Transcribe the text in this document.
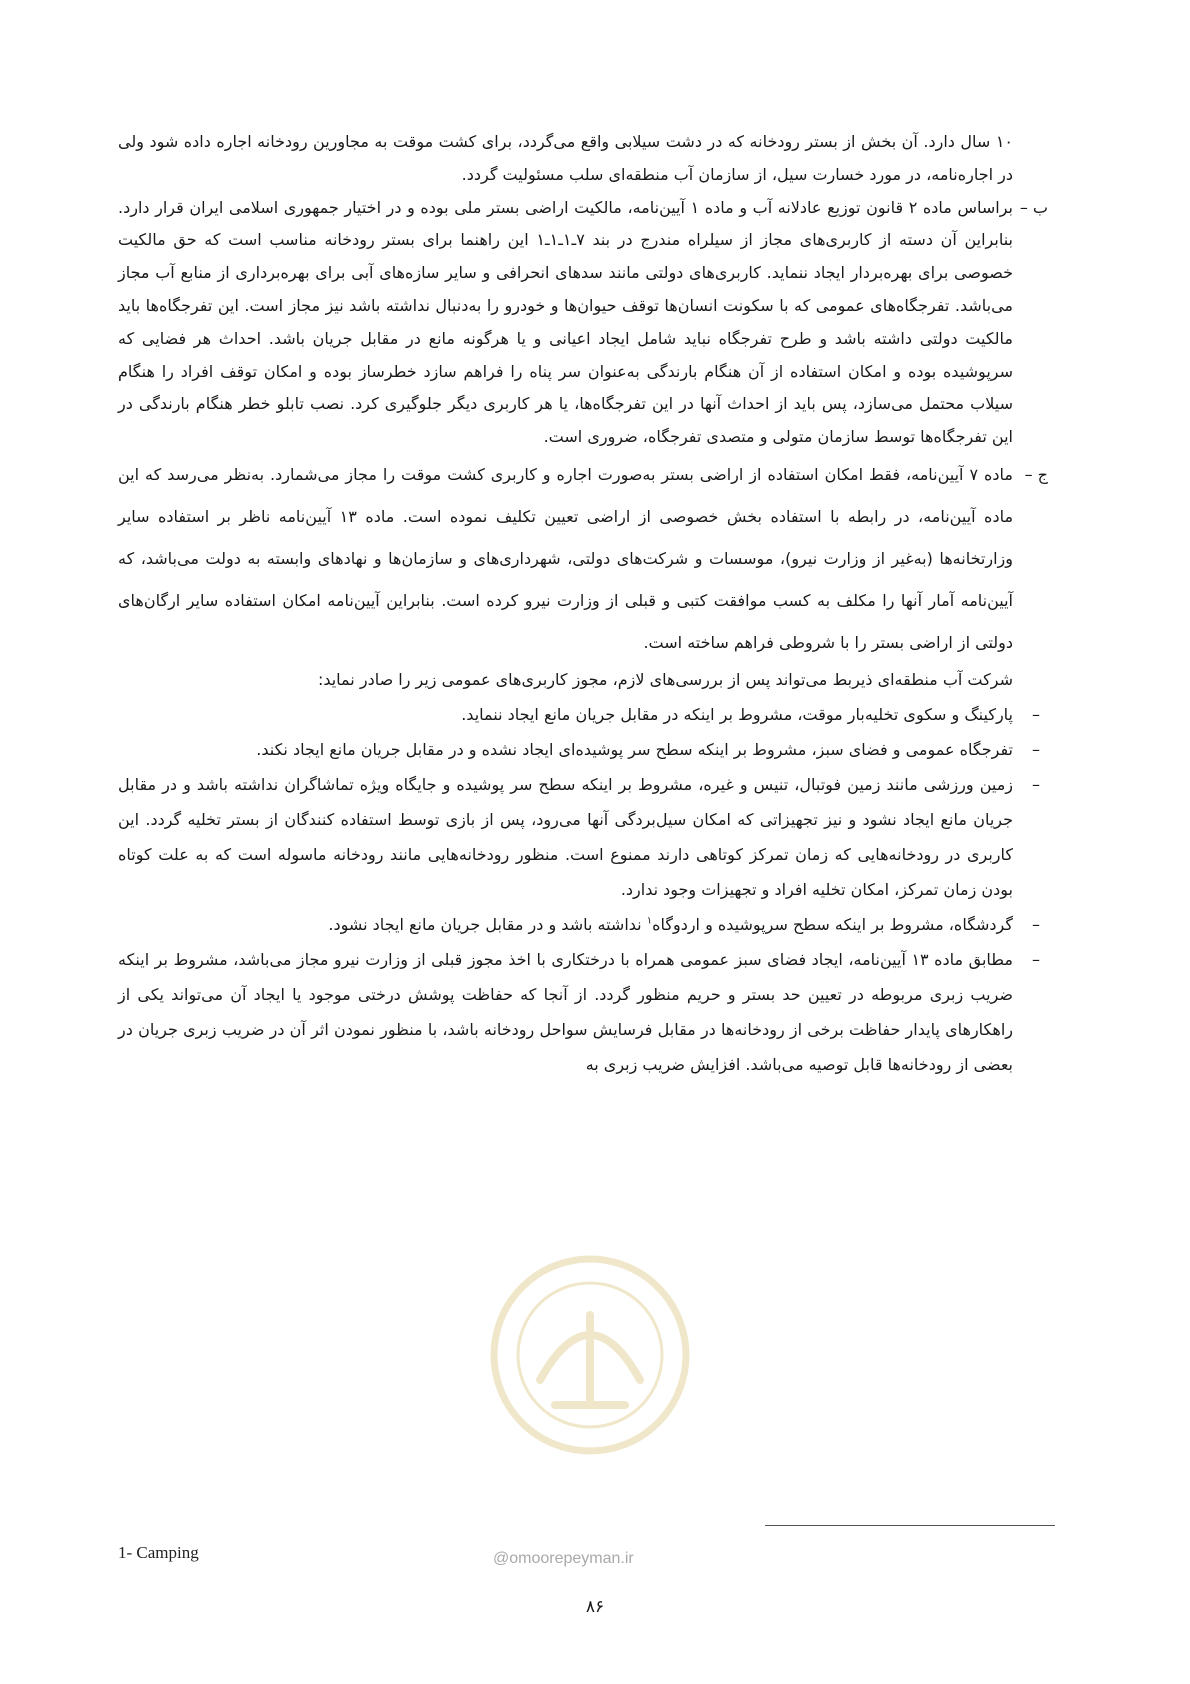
۱۰ سال دارد. آن بخش از بستر رودخانه که در دشت سیلابی واقع می‌گردد، برای کشت موقت به مجاورین رودخانه اجاره داده شود ولی در اجاره‌نامه، در مورد خسارت سیل، از سازمان آب منطقه‌ای سلب مسئولیت گردد.

ب –

براساس ماده ۲ قانون توزیع عادلانه آب و ماده ۱ آیین‌نامه، مالکیت اراضی بستر ملی بوده و در اختیار جمهوری اسلامی ایران قرار دارد. بنابراین آن دسته از کاربری‌های مجاز از سیلراه مندرج در بند ۷ـ۱ـ۱ـ۱ این راهنما برای بستر رودخانه مناسب است که حق مالکیت خصوصی برای بهره‌بردار ایجاد ننماید. کاربری‌های دولتی مانند سدهای انحرافی و سایر سازه‌های آبی برای بهره‌برداری از منابع آب مجاز می‌باشد. تفرجگاه‌های عمومی که با سکونت انسان‌ها توقف حیوان‌ها و خودرو را به‌دنبال نداشته باشد نیز مجاز است. این تفرجگاه‌ها باید مالکیت دولتی داشته باشد و طرح تفرجگاه نباید شامل ایجاد اعیانی و یا هرگونه مانع در مقابل جریان باشد. احداث هر فضایی که سرپوشیده بوده و امکان استفاده از آن هنگام بارندگی به‌عنوان سر پناه را فراهم سازد خطرساز بوده و امکان توقف افراد را هنگام سیلاب محتمل می‌سازد، پس باید از احداث آنها در این تفرجگاه‌ها، یا هر کاربری دیگر جلوگیری کرد. نصب تابلو خطر هنگام بارندگی در این تفرجگاه‌ها توسط سازمان متولی و متصدی تفرجگاه، ضروری است.

ج –

ماده ۷ آیین‌نامه، فقط امکان استفاده از اراضی بستر به‌صورت اجاره و کاربری کشت موقت را مجاز می‌شمارد. به‌نظر می‌رسد که این ماده آیین‌نامه، در رابطه با استفاده بخش خصوصی از اراضی تعیین تکلیف نموده است. ماده ۱۳ آیین‌نامه ناظر بر استفاده سایر وزارتخانه‌ها (به‌غیر از وزارت نیرو)، موسسات و شرکت‌های دولتی، شهرداری‌های و سازمان‌ها و نهادهای وابسته به دولت می‌باشد، که آیین‌نامه آمار آنها را مکلف به کسب موافقت کتبی و قبلی از وزارت نیرو کرده است. بنابراین آیین‌نامه امکان استفاده سایر ارگان‌های دولتی از اراضی بستر را با شروطی فراهم ساخته است.

شرکت آب منطقه‌ای ذیربط می‌تواند پس از بررسی‌های لازم، مجوز کاربری‌های عمومی زیر را صادر نماید:

–

پارکینگ و سکوی تخلیه‌بار موقت، مشروط بر اینکه در مقابل جریان مانع ایجاد ننماید.

–

تفرجگاه عمومی و فضای سبز، مشروط بر اینکه سطح سر پوشیده‌ای ایجاد نشده و در مقابل جریان مانع ایجاد نکند.

–

زمین ورزشی مانند زمین فوتبال، تنیس و غیره، مشروط بر اینکه سطح سر پوشیده و جایگاه ویژه تماشاگران نداشته باشد و در مقابل جریان مانع ایجاد نشود و نیز تجهیزاتی که امکان سیل‌بردگی آنها می‌رود، پس از بازی توسط استفاده کنندگان از بستر تخلیه گردد. این کاربری در رودخانه‌هایی که زمان تمرکز کوتاهی دارند ممنوع است. منظور رودخانه‌هایی مانند رودخانه ماسوله است که به علت کوتاه بودن زمان تمرکز، امکان تخلیه افراد و تجهیزات وجود ندارد.

–

گردشگاه، مشروط بر اینکه سطح سرپوشیده و اردوگاه$^۱$ نداشته باشد و در مقابل جریان مانع ایجاد نشود.

–

مطابق ماده ۱۳ آیین‌نامه، ایجاد فضای سبز عمومی همراه با درختکاری با اخذ مجوز قبلی از وزارت نیرو مجاز می‌باشد، مشروط بر اینکه ضریب زبری مربوطه در تعیین حد بستر و حریم منظور گردد. از آنجا که حفاظت پوشش درختی موجود یا ایجاد آن می‌تواند یکی از راهکارهای پایدار حفاظت برخی از رودخانه‌ها در مقابل فرسایش سواحل رودخانه باشد، با منظور نمودن اثر آن در ضریب زبری جریان در بعضی از رودخانه‌ها قابل توصیه می‌باشد. افزایش ضریب زبری به

1- Camping	@omoorepeyman.ir
۸۶
